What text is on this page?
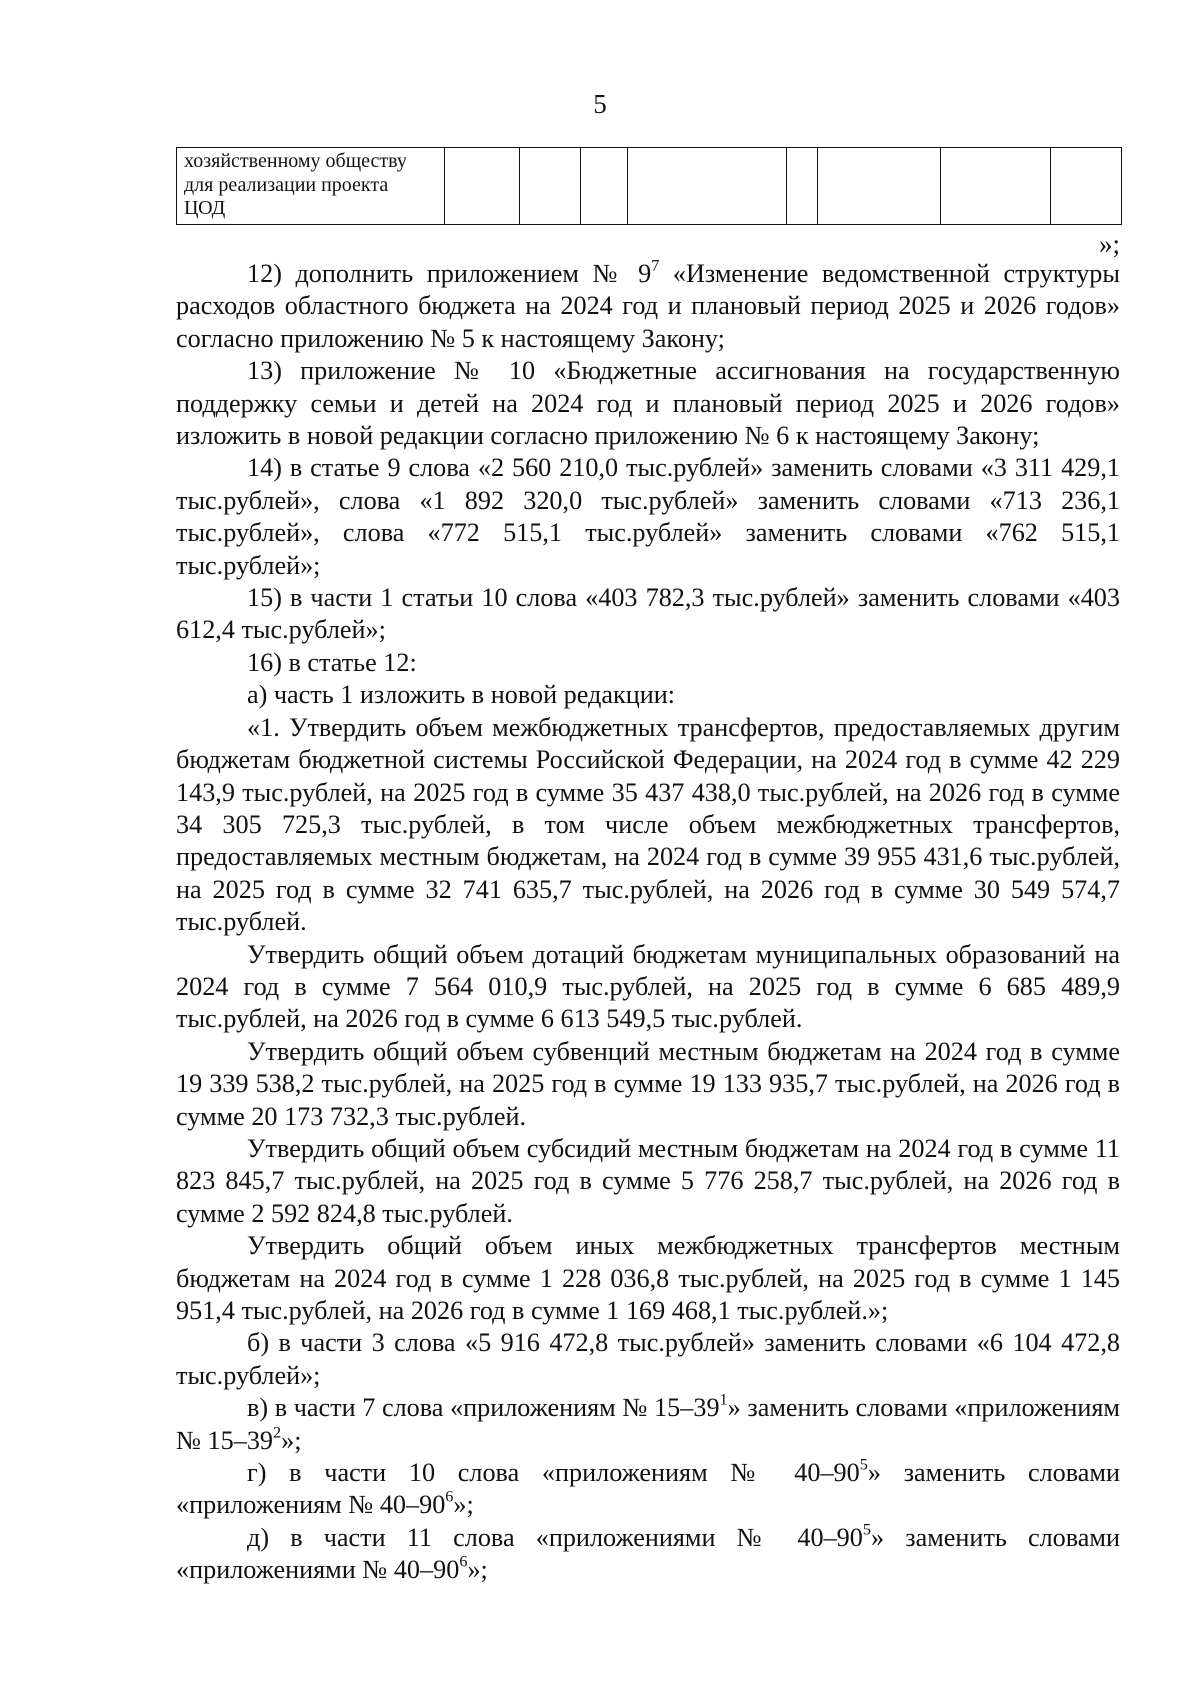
5
хозяйственному обществу
для реализации проекта
ЦОД								
»;

12) дополнить приложением № $9^7$ «Изменение ведомственной структуры расходов областного бюджета на 2024 год и плановый период 2025 и 2026 годов» согласно приложению № 5 к настоящему Закону;

13) приложение № 10 «Бюджетные ассигнования на государственную поддержку семьи и детей на 2024 год и плановый период 2025 и 2026 годов» изложить в новой редакции согласно приложению № 6 к настоящему Закону;

14) в статье 9 слова «2 560 210,0 тыс.рублей» заменить словами «3 311 429,1 тыс.рублей», слова «1 892 320,0 тыс.рублей» заменить словами «713 236,1 тыс.рублей», слова «772 515,1 тыс.рублей» заменить словами «762 515,1 тыс.рублей»;

15) в части 1 статьи 10 слова «403 782,3 тыс.рублей» заменить словами «403 612,4 тыс.рублей»;

16) в статье 12:

а) часть 1 изложить в новой редакции:

«1. Утвердить объем межбюджетных трансфертов, предоставляемых другим бюджетам бюджетной системы Российской Федерации, на 2024 год в сумме 42 229 143,9 тыс.рублей, на 2025 год в сумме 35 437 438,0 тыс.рублей, на 2026 год в сумме 34 305 725,3 тыс.рублей, в том числе объем межбюджетных трансфертов, предоставляемых местным бюджетам, на 2024 год в сумме 39 955 431,6 тыс.рублей, на 2025 год в сумме 32 741 635,7 тыс.рублей, на 2026 год в сумме 30 549 574,7 тыс.рублей.

Утвердить общий объем дотаций бюджетам муниципальных образований на 2024 год в сумме 7 564 010,9 тыс.рублей, на 2025 год в сумме 6 685 489,9 тыс.рублей, на 2026 год в сумме 6 613 549,5 тыс.рублей.

Утвердить общий объем субвенций местным бюджетам на 2024 год в сумме 19 339 538,2 тыс.рублей, на 2025 год в сумме 19 133 935,7 тыс.рублей, на 2026 год в сумме 20 173 732,3 тыс.рублей.

Утвердить общий объем субсидий местным бюджетам на 2024 год в сумме 11 823 845,7 тыс.рублей, на 2025 год в сумме 5 776 258,7 тыс.рублей, на 2026 год в сумме 2 592 824,8 тыс.рублей.

Утвердить общий объем иных межбюджетных трансфертов местным бюджетам на 2024 год в сумме 1 228 036,8 тыс.рублей, на 2025 год в сумме 1 145 951,4 тыс.рублей, на 2026 год в сумме 1 169 468,1 тыс.рублей.»;

б) в части 3 слова «5 916 472,8 тыс.рублей» заменить словами «6 104 472,8 тыс.рублей»;

в) в части 7 слова «приложениям № $15-39^1$» заменить словами «приложениям № $15-39^2$»;

г) в части 10 слова «приложениям № $40-90^5$» заменить словами «приложениям № $40-90^6$»;

д) в части 11 слова «приложениями № $40-90^5$» заменить словами «приложениями № $40-90^6$»;
